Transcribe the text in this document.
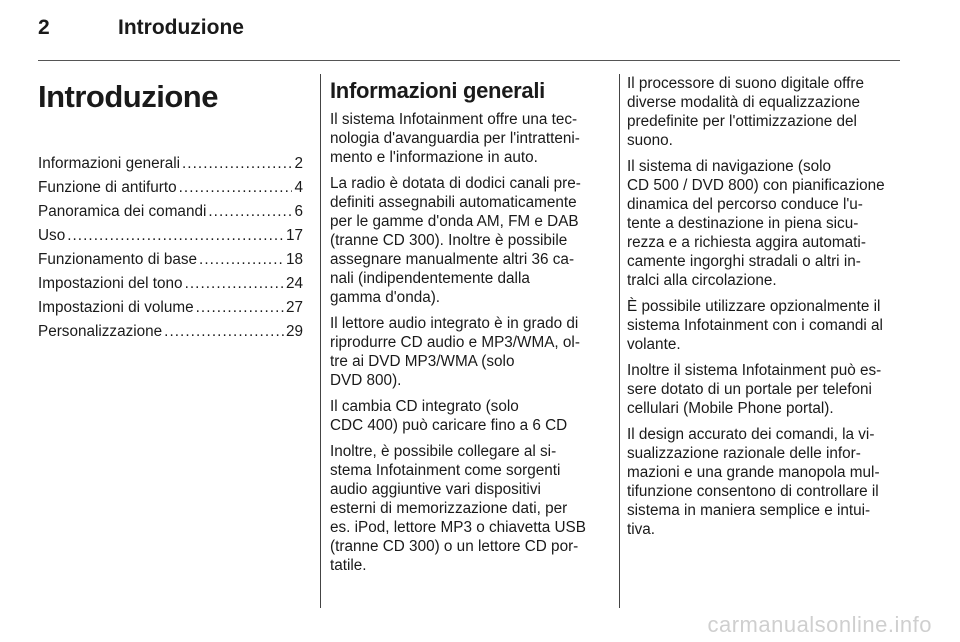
2	Introduzione
Introduzione
Informazioni generali . . .	2
Funzione di antifurto . . .	4
Panoramica dei comandi . . .	6
Uso . . .	17
Funzionamento di base . . .	18
Impostazioni del tono . . .	24
Impostazioni di volume . . .	27
Personalizzazione . . .	29
Informazioni generali

Il sistema Infotainment offre una tec-
nologia d'avanguardia per l'intratteni-
mento e l'informazione in auto.

La radio è dotata di dodici canali pre-
definiti assegnabili automaticamente
per le gamme d'onda AM, FM e DAB
(tranne CD 300). Inoltre è possibile
assegnare manualmente altri 36 ca-
nali (indipendentemente dalla
gamma d'onda).

Il lettore audio integrato è in grado di
riprodurre CD audio e MP3/WMA, ol-
tre ai DVD MP3/WMA (solo
DVD 800).

Il cambia CD integrato (solo
CDC 400) può caricare fino a 6 CD

Inoltre, è possibile collegare al si-
stema Infotainment come sorgenti
audio aggiuntive vari dispositivi
esterni di memorizzazione dati, per
es. iPod, lettore MP3 o chiavetta USB
(tranne CD 300) o un lettore CD por-
tatile.

Il processore di suono digitale offre
diverse modalità di equalizzazione
predefinite per l'ottimizzazione del
suono.

Il sistema di navigazione (solo
CD 500 / DVD 800) con pianificazione
dinamica del percorso conduce l'u-
tente a destinazione in piena sicu-
rezza e a richiesta aggira automati-
camente ingorghi stradali o altri in-
tralci alla circolazione.

È possibile utilizzare opzionalmente il
sistema Infotainment con i comandi al
volante.

Inoltre il sistema Infotainment può es-
sere dotato di un portale per telefoni
cellulari (Mobile Phone portal).

Il design accurato dei comandi, la vi-
sualizzazione razionale delle infor-
mazioni e una grande manopola mul-
tifunzione consentono di controllare il
sistema in maniera semplice e intui-
tiva.

carmanualsonline.info
